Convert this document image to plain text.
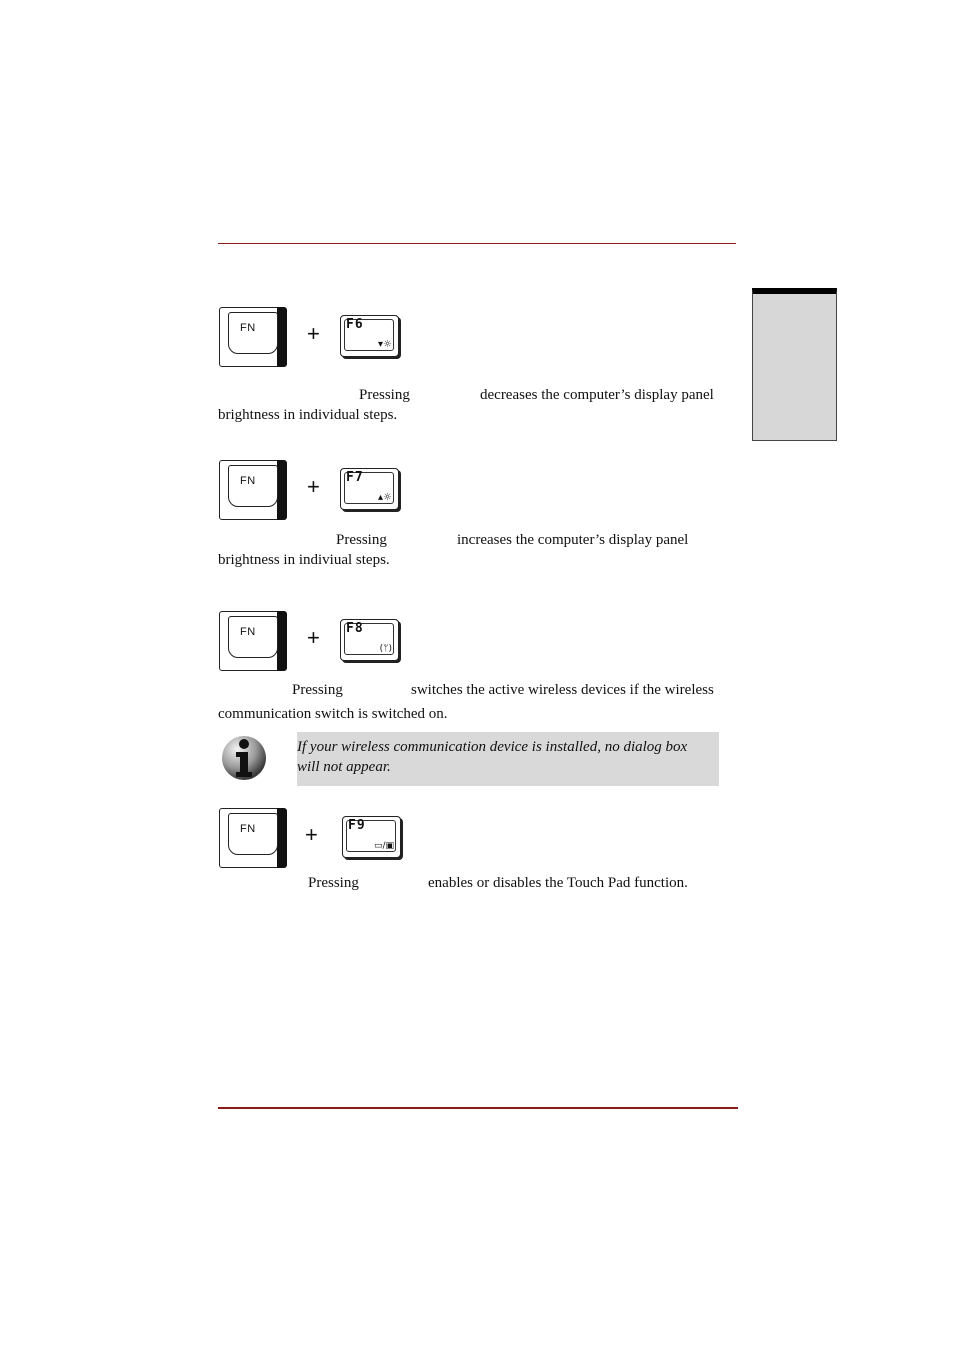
FN + F6
▾☼
Pressing	decreases the computer’s display panel
brightness in individual steps.
FN + F7
▴☼
Pressing	increases the computer’s display panel
brightness in indiviual steps.
FN + F8
(ᛘ)
Pressing	switches the active wireless devices if the wireless
communication switch is switched on.
If your wireless communication device is installed, no dialog box
will not appear.
FN + F9
▭/▣
Pressing	enables or disables the Touch Pad function.
